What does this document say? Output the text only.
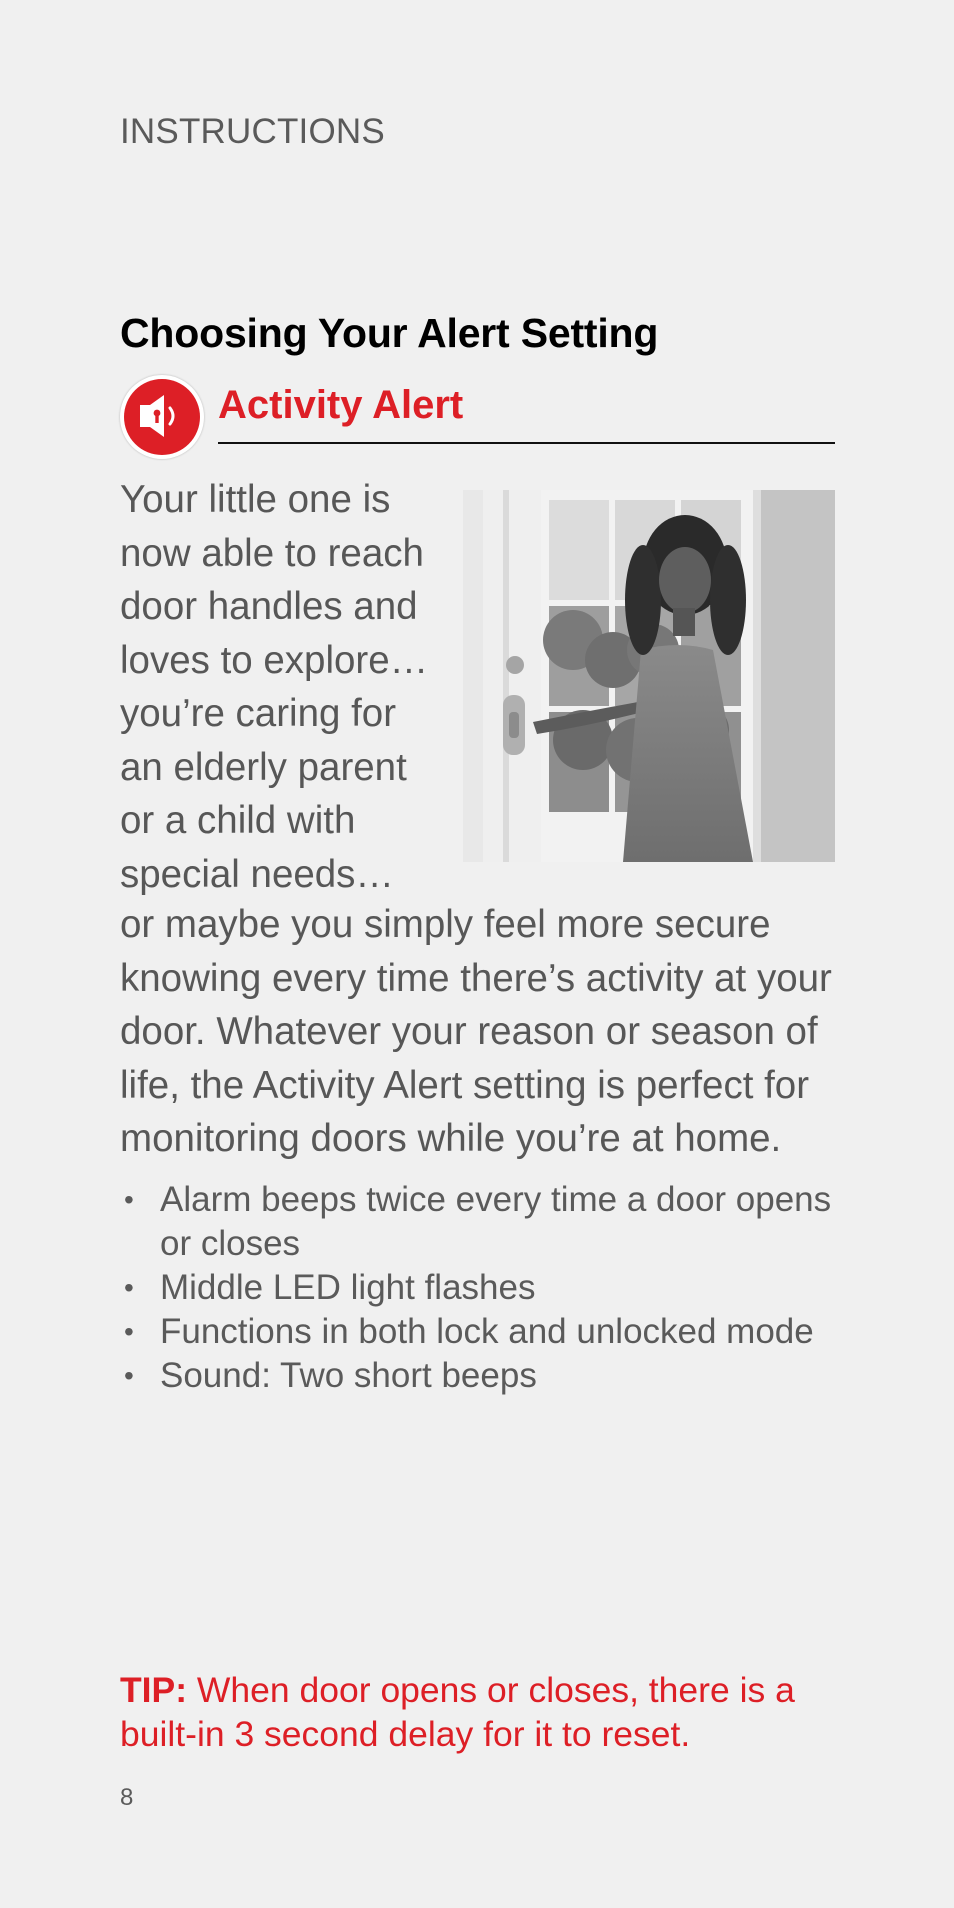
INSTRUCTIONS
Choosing Your Alert Setting
Activity Alert
Your little one is
now able to reach
door handles and
loves to explore…
you’re caring for
an elderly parent
or a child with
special needs…
or maybe you simply feel more secure
knowing every time there’s activity at your
door. Whatever your reason or season of
life, the Activity Alert setting is perfect for
monitoring doors while you’re at home.
• Alarm beeps twice every time a door opens
or closes
• Middle LED light flashes
• Functions in both lock and unlocked mode
• Sound: Two short beeps
TIP: When door opens or closes, there is a
built-in 3 second delay for it to reset.
8
